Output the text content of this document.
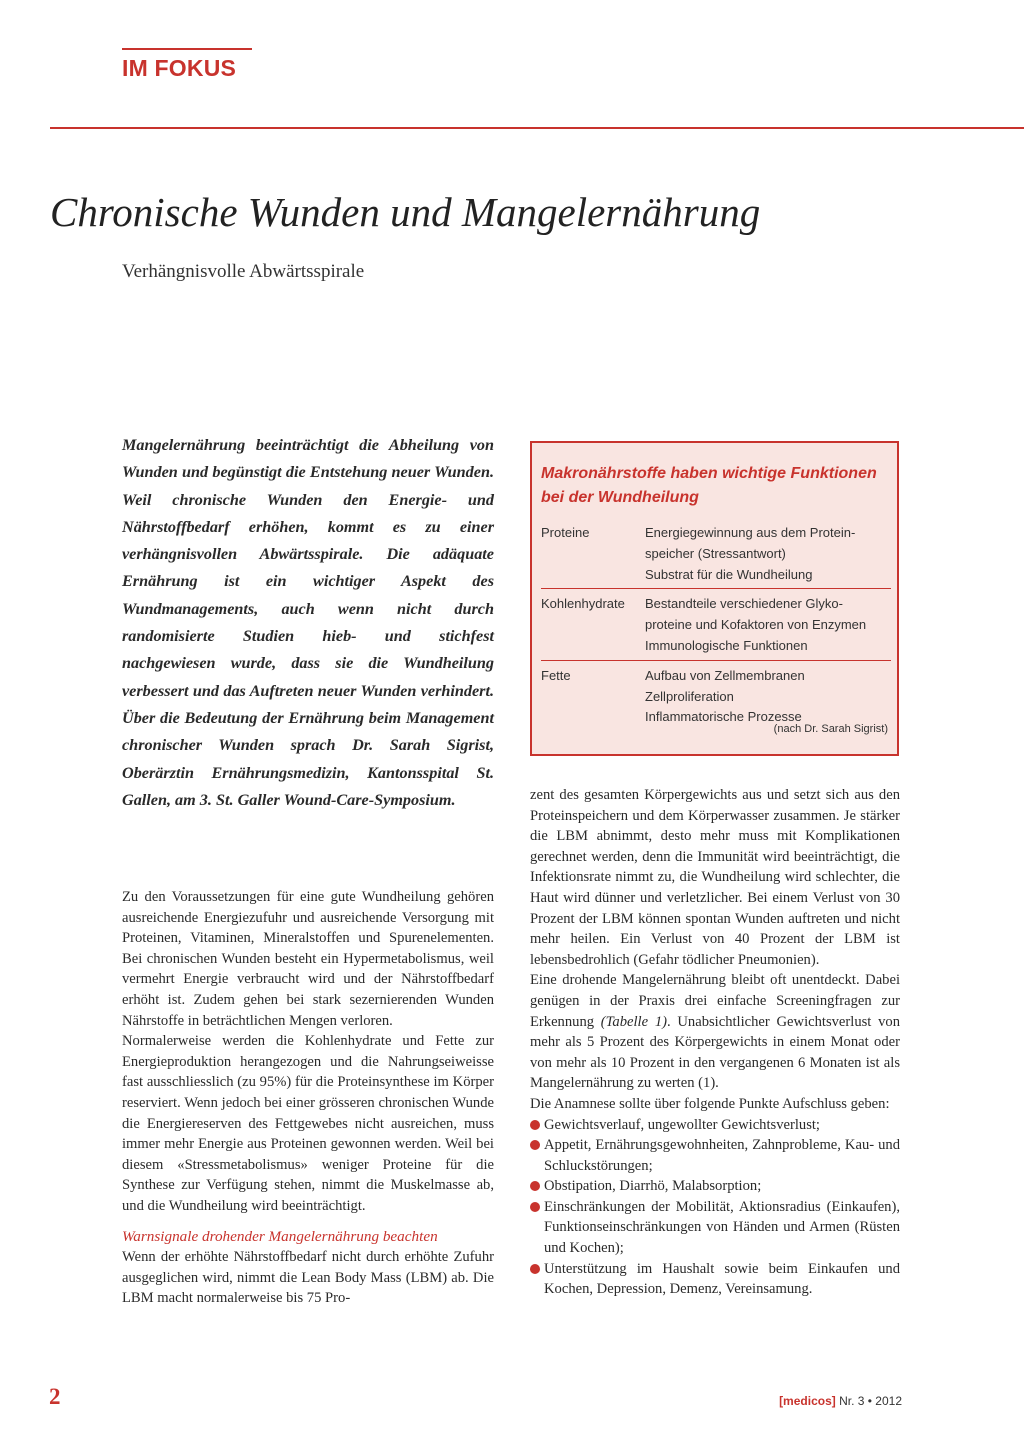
IM FOKUS
Chronische Wunden und Mangelernährung
Verhängnisvolle Abwärtsspirale

Mangelernährung beeinträchtigt die Abheilung von Wunden und begünstigt die Entstehung neuer Wunden. Weil chronische Wunden den Energie- und Nährstoffbedarf erhöhen, kommt es zu einer verhängnisvollen Abwärtsspirale. Die adäquate Ernährung ist ein wichtiger Aspekt des Wundmanagements, auch wenn nicht durch randomisierte Studien hieb- und stichfest nachgewiesen wurde, dass sie die Wundheilung verbessert und das Auftreten neuer Wunden verhindert. Über die Bedeutung der Ernährung beim Management chronischer Wunden sprach Dr. Sarah Sigrist, Oberärztin Ernährungsmedizin, Kantonsspital St. Gallen, am 3. St. Galler Wound-Care-Symposium.

Makronährstoffe haben wichtige Funktionen bei der Wundheilung
Proteine	Energiegewinnung aus dem Protein-
speicher (Stressantwort)
Substrat für die Wundheilung
Kohlenhydrate	Bestandteile verschiedener Glyko-
proteine und Kofaktoren von Enzymen
Immunologische Funktionen
Fette	Aufbau von Zellmembranen
Zellproliferation
Inflammatorische Prozesse
(nach Dr. Sarah Sigrist)

Zu den Voraussetzungen für eine gute Wundheilung gehören ausreichende Energiezufuhr und ausreichende Versorgung mit Proteinen, Vitaminen, Mineralstoffen und Spurenelementen. Bei chronischen Wunden besteht ein Hypermetabolismus, weil vermehrt Energie verbraucht wird und der Nährstoffbedarf erhöht ist. Zudem gehen bei stark sezernierenden Wunden Nährstoffe in beträchtlichen Mengen verloren.

Normalerweise werden die Kohlenhydrate und Fette zur Energieproduktion herangezogen und die Nahrungseiweisse fast ausschliesslich (zu 95%) für die Proteinsynthese im Körper reserviert. Wenn jedoch bei einer grösseren chronischen Wunde die Energiereserven des Fettgewebes nicht ausreichen, muss immer mehr Energie aus Proteinen gewonnen werden. Weil bei diesem «Stressmetabolismus» weniger Proteine für die Synthese zur Verfügung stehen, nimmt die Muskelmasse ab, und die Wundheilung wird beeinträchtigt.

Warnsignale drohender Mangelernährung beachten

Wenn der erhöhte Nährstoffbedarf nicht durch erhöhte Zufuhr ausgeglichen wird, nimmt die Lean Body Mass (LBM) ab. Die LBM macht normalerweise bis 75 Pro-

zent des gesamten Körpergewichts aus und setzt sich aus den Proteinspeichern und dem Körperwasser zusammen. Je stärker die LBM abnimmt, desto mehr muss mit Komplikationen gerechnet werden, denn die Immunität wird beeinträchtigt, die Infektionsrate nimmt zu, die Wundheilung wird schlechter, die Haut wird dünner und verletzlicher. Bei einem Verlust von 30 Prozent der LBM können spontan Wunden auftreten und nicht mehr heilen. Ein Verlust von 40 Prozent der LBM ist lebensbedrohlich (Gefahr tödlicher Pneumonien).

Eine drohende Mangelernährung bleibt oft unentdeckt. Dabei genügen in der Praxis drei einfache Screeningfragen zur Erkennung (Tabelle 1). Unabsichtlicher Gewichtsverlust von mehr als 5 Prozent des Körpergewichts in einem Monat oder von mehr als 10 Prozent in den vergangenen 6 Monaten ist als Mangelernährung zu werten (1).

Die Anamnese sollte über folgende Punkte Aufschluss geben:

Gewichtsverlauf, ungewollter Gewichtsverlust;
Appetit, Ernährungsgewohnheiten, Zahnprobleme, Kau- und Schluckstörungen;
Obstipation, Diarrhö, Malabsorption;
Einschränkungen der Mobilität, Aktionsradius (Einkaufen), Funktionseinschränkungen von Händen und Armen (Rüsten und Kochen);
Unterstützung im Haushalt sowie beim Einkaufen und Kochen, Depression, Demenz, Vereinsamung.
2	[medicos] Nr. 3 • 2012
